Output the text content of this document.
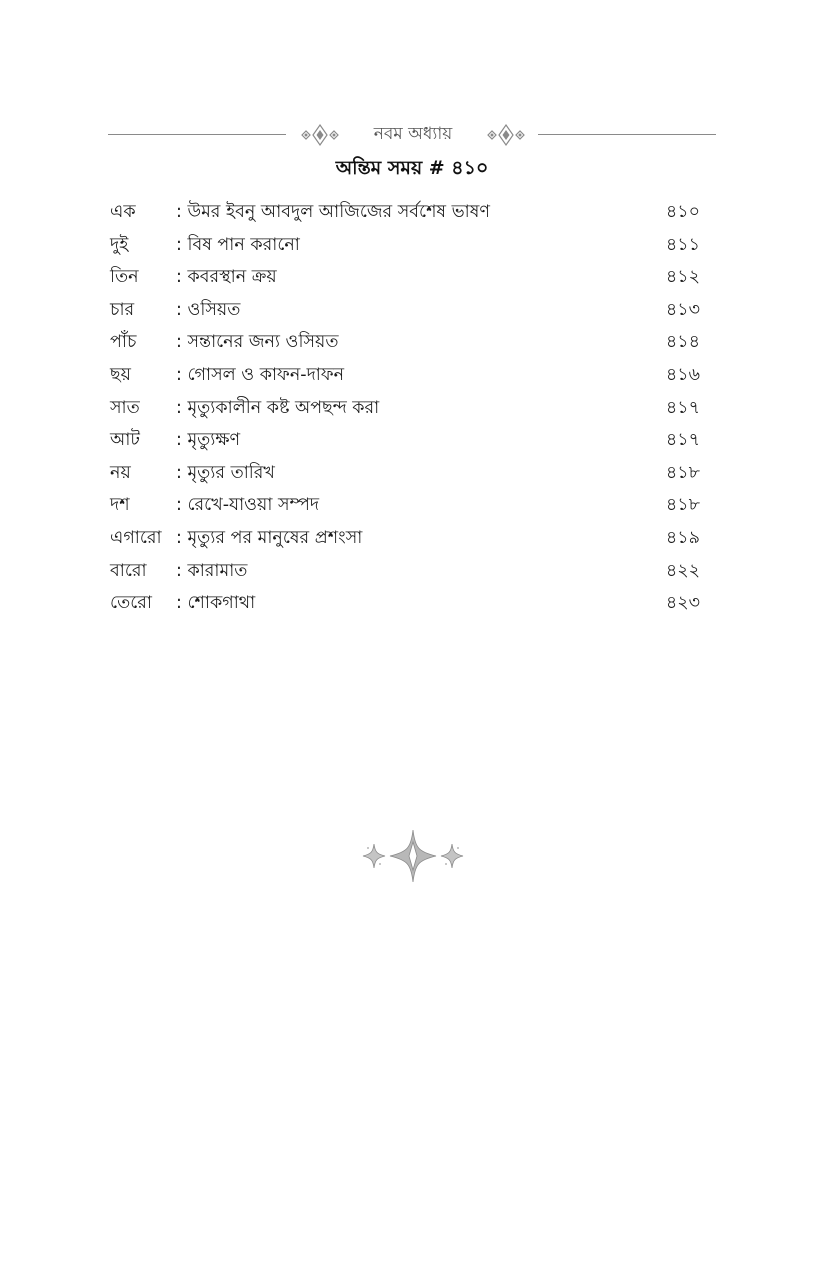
নবম অধ্যায়
অন্তিম সময় # ৪১০
এক	: উমর ইবনু আবদুল আজিজের সর্বশেষ ভাষণ	৪১০
দুই	: বিষ পান করানো	৪১১
তিন	: কবরস্থান ক্রয়	৪১২
চার	: ওসিয়ত	৪১৩
পাঁচ	: সন্তানের জন্য ওসিয়ত	৪১৪
ছয়	: গোসল ও কাফন-দাফন	৪১৬
সাত	: মৃত্যুকালীন কষ্ট অপছন্দ করা	৪১৭
আট	: মৃত্যুক্ষণ	৪১৭
নয়	: মৃত্যুর তারিখ	৪১৮
দশ	: রেখে-যাওয়া সম্পদ	৪১৮
এগারো : মৃত্যুর পর মানুষের প্রশংসা	৪১৯
বারো	: কারামাত	৪২২
তেরো	: শোকগাথা	৪২৩
